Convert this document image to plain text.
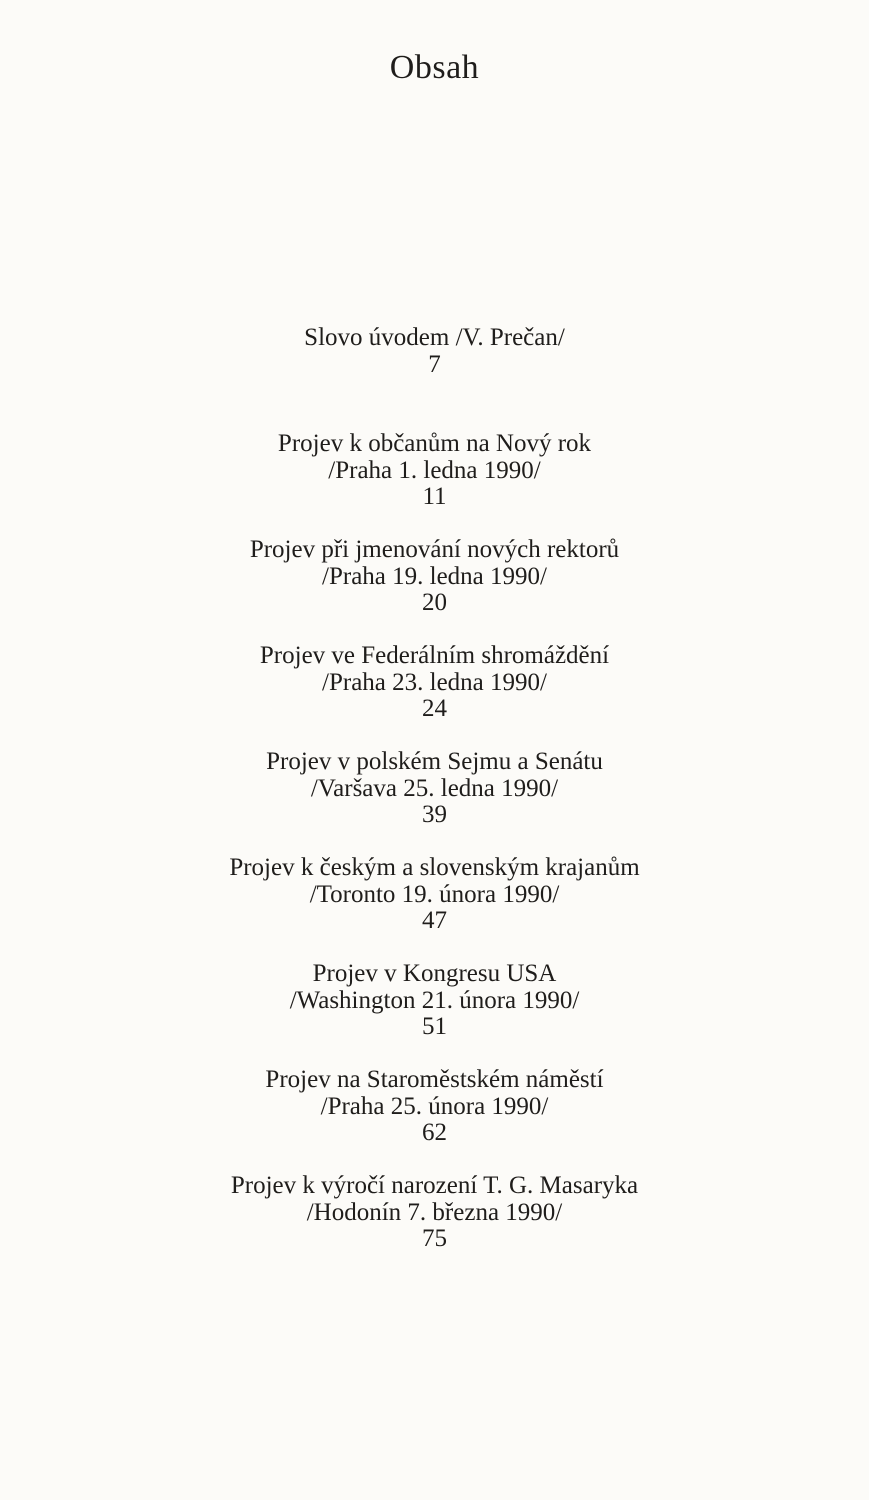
Obsah
Slovo úvodem /V. Prečan/
7
Projev k občanům na Nový rok
/Praha 1. ledna 1990/
11
Projev při jmenování nových rektorů
/Praha 19. ledna 1990/
20
Projev ve Federálním shromáždění
/Praha 23. ledna 1990/
24
Projev v polském Sejmu a Senátu
/Varšava 25. ledna 1990/
39
Projev k českým a slovenským krajanům
/Toronto 19. února 1990/
47
Projev v Kongresu USA
/Washington 21. února 1990/
51
Projev na Staroměstském náměstí
/Praha 25. února 1990/
62
Projev k výročí narození T. G. Masaryka
/Hodonín 7. března 1990/
75
